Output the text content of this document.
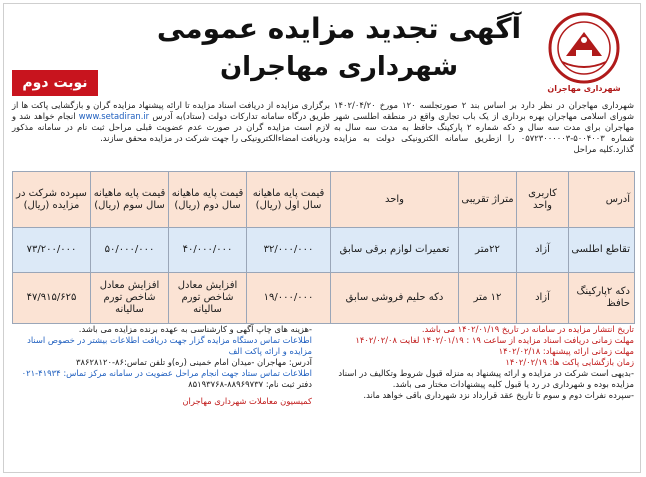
آگهی تجدید مزایده عمومی
شهرداری مهاجران
شهرداری مهاجران
نوبت دوم
شهرداری مهاجران در نظر دارد بر اساس بند ۲ صورتجلسه ۱۲۰ مورخ ۱۴۰۲/۰۴/۲۰ شورای اسلامی مهاجران بهره برداری از یک باب تجاری واقع در منطقه اطلسی شهر مهاجران برای مدت سه سال و دکه شماره ۲ پارکینگ حافظ به مدت سه سال به شماره ۵۰۰۴۰۰۳-۰۵۷۲۳۰۰۰۰۰۳ را ازطریق سامانه الکترونیکی دولت به مزایده گذارد.کلیه مراحل
برگزاری مزایده از دریافت اسناد مزایده تا ارائه پیشنهاد مزایده گران و بازگشایی پاکت ها از طریق درگاه سامانه تدارکات دولت (ستاد)به آدرس www.setadiran.ir انجام خواهد شد و لازم است مزایده گران در صورت عدم عضویت قبلی مراحل ثبت نام در سامانه مذکور ودریافت امضاءالکترونیکی را جهت شرکت در مزایده محقق سازند.
آدرس	کاربری واحد	متراژ تقریبی	واحد	قیمت پایه ماهیانه سال اول (ریال)	قیمت پایه ماهیانه سال دوم (ریال)	قیمت پایه ماهیانه سال سوم (ریال)	سپرده شرکت در مزایده (ریال)
تقاطع اطلسی	آزاد	۲۲متر	تعمیرات لوازم برقی سابق	۳۲/۰۰۰/۰۰۰	۴۰/۰۰۰/۰۰۰	۵۰/۰۰۰/۰۰۰	۷۳/۲۰۰/۰۰۰
دکه ۲پارکینگ حافظ	آزاد	۱۲ متر	دکه حلیم فروشی سابق	۱۹/۰۰۰/۰۰۰	افزایش معادل شاخص تورم سالیانه	افزایش معادل شاخص تورم سالیانه	۴۷/۹۱۵/۶۲۵
تاریخ انتشار مزایده در سامانه در تاریخ ۱۴۰۲/۰۱/۱۹ می باشد.
مهلت زمانی دریافت اسناد مزایده از ساعت ۱۹ : ۱۴۰۲/۰۱/۱۹ لغایت ۱۴۰۲/۰۲/۰۸
مهلت زمانی ارائه پیشنهاد: ۱۴۰۲/۰۲/۱۸
زمان بازگشایی پاکت ها: ۱۴۰۲/۰۲/۱۹
-بدیهی است شرکت در مزایده و ارائه پیشنهاد به منزله قبول شروط وتکالیف در اسناد مزایده بوده و شهرداری در رد یا قبول کلیه پیشنهادات مختار می باشد.
-سپرده نفرات دوم و سوم تا تاریخ عقد قرارداد نزد شهرداری باقی خواهد ماند.
-هزینه های چاپ آگهی و کارشناسی به عهده برنده مزایده می باشد.
اطلاعات تماس دستگاه مزایده گزار جهت دریافت اطلاعات بیشتر در خصوص اسناد مزایده و ارائه پاکت الف
آدرس: مهاجران -میدان امام خمینی (ره)و تلفن تماس:۸۶-۳۸۶۲۸۱۲۰
اطلاعات تماس ستاد جهت انجام مراحل عضویت در سامانه مرکز تماس: ۴۱۹۳۴-۰۲۱
دفتر ثبت نام: ۸۸۹۶۹۷۳۷-۸۵۱۹۳۷۶۸
کمیسیون معاملات شهرداری مهاجران
